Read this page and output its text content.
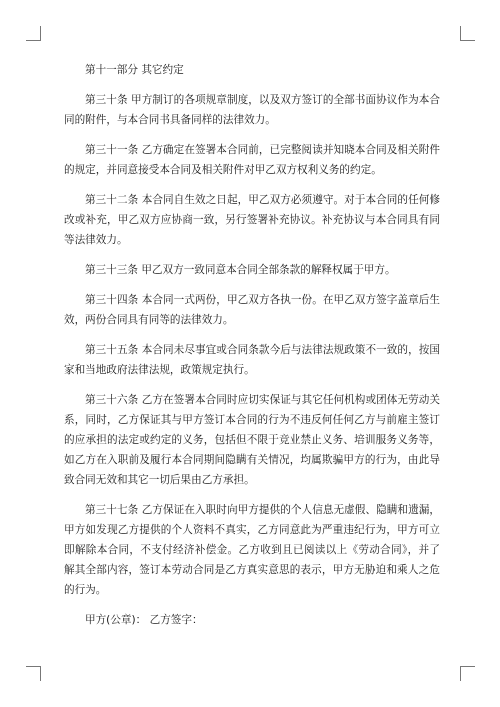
第十一部分 其它约定

第三十条 甲方制订的各项规章制度，以及双方签订的全部书面协议作为本合同的附件，与本合同书具备同样的法律效力。

第三十一条 乙方确定在签署本合同前，已完整阅读并知晓本合同及相关附件的规定，并同意接受本合同及相关附件对甲乙双方权利义务的约定。

第三十二条 本合同自生效之日起，甲乙双方必须遵守。对于本合同的任何修改或补充，甲乙双方应协商一致，另行签署补充协议。补充协议与本合同具有同等法律效力。

第三十三条 甲乙双方一致同意本合同全部条款的解释权属于甲方。

第三十四条 本合同一式两份，甲乙双方各执一份。在甲乙双方签字盖章后生效，两份合同具有同等的法律效力。

第三十五条 本合同未尽事宜或合同条款今后与法律法规政策不一致的，按国家和当地政府法律法规，政策规定执行。

第三十六条 乙方在签署本合同时应切实保证与其它任何机构或团体无劳动关系，同时，乙方保证其与甲方签订本合同的行为不违反何任何乙方与前雇主签订的应承担的法定或约定的义务，包括但不限于竞业禁止义务、培训服务义务等，如乙方在入职前及履行本合同期间隐瞒有关情况，均属欺骗甲方的行为，由此导致合同无效和其它一切后果由乙方承担。

第三十七条 乙方保证在入职时向甲方提供的个人信息无虚假、隐瞒和遗漏，甲方如发现乙方提供的个人资料不真实，乙方同意此为严重违纪行为，甲方可立即解除本合同，不支付经济补偿金。乙方收到且已阅读以上《劳动合同》，并了解其全部内容，签订本劳动合同是乙方真实意思的表示，甲方无胁迫和乘人之危的行为。

甲方(公章)： 乙方签字：
